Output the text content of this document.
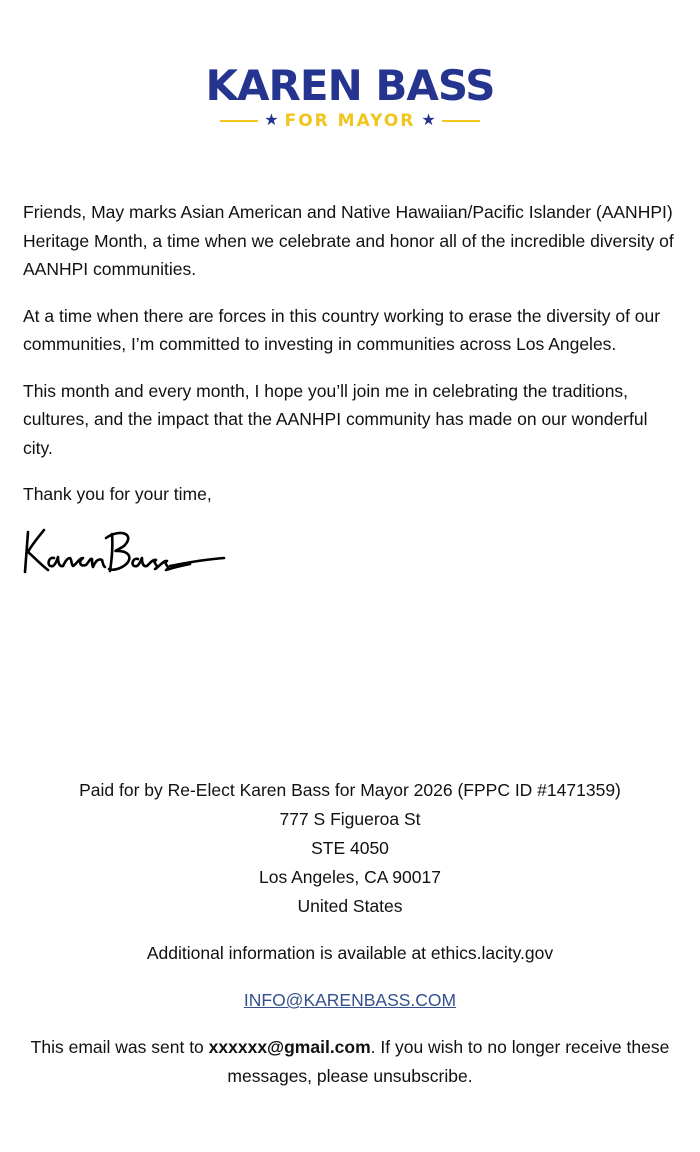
KAREN BASS
★ FOR MAYOR ★

Friends, May marks Asian American and Native Hawaiian/Pacific Islander (AANHPI) Heritage Month, a time when we celebrate and honor all of the incredible diversity of AANHPI communities.

At a time when there are forces in this country working to erase the diversity of our communities, I’m committed to investing in communities across Los Angeles.

This month and every month, I hope you’ll join me in celebrating the traditions, cultures, and the impact that the AANHPI community has made on our wonderful city.

Thank you for your time,

Paid for by Re-Elect Karen Bass for Mayor 2026 (FPPC ID #1471359)
777 S Figueroa St
STE 4050
Los Angeles, CA 90017
United States
Additional information is available at ethics.lacity.gov
INFO@KARENBASS.COM
This email was sent to xxxxxx@gmail.com. If you wish to no longer receive these messages, please unsubscribe.
